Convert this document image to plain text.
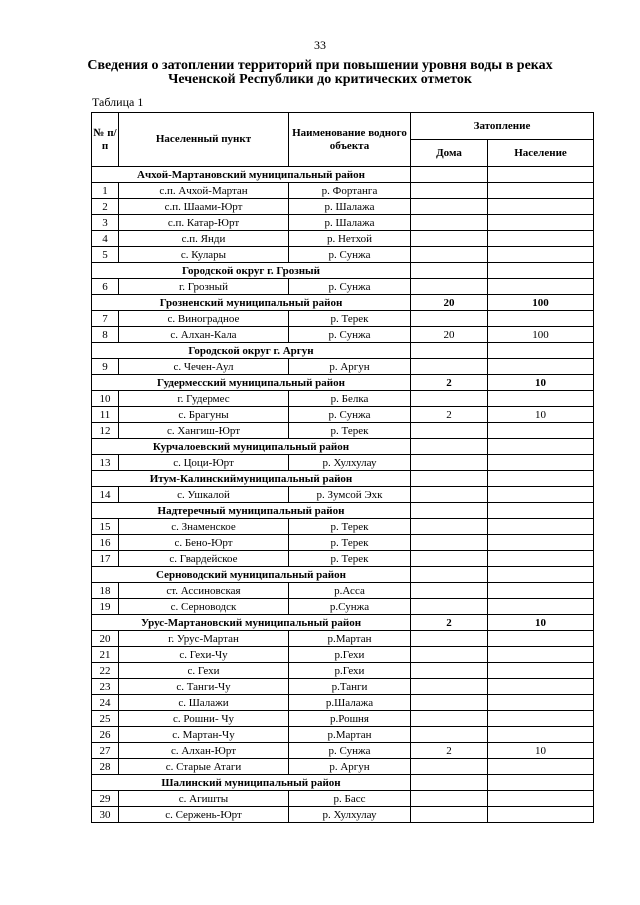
33
Сведения о затоплении территорий при повышении уровня воды в реках
Чеченской Республики до критических отметок
Таблица 1
№ п/п	Населенный пункт	Наименование водного объекта	Затопление	
			Дома	Население
Ачхой-Мартановский муниципальный район				
1	с.п. Ачхой-Мартан	р. Фортанга		
2	с.п. Шаами-Юрт	р. Шалажа		
3	с.п. Катар-Юрт	р. Шалажа		
4	с.п. Янди	р. Нетхой		
5	с. Кулары	р. Сунжа		
Городской округ г. Грозный				
6	г. Грозный	р. Сунжа		
Грозненский муниципальный район			20	100
7	с. Виноградное	р. Терек		
8	с. Алхан-Кала	р. Сунжа	20	100
Городской округ г. Аргун				
9	с. Чечен-Аул	р. Аргун		
Гудермесский муниципальный район			2	10
10	г. Гудермес	р. Белка		
11	с. Брагуны	р. Сунжа	2	10
12	с. Хангиш-Юрт	р. Терек		
Курчалоевский муниципальный район				
13	с. Цоци-Юрт	р. Хулхулау		
Итум-Калинскиймуниципальный район				
14	с. Ушкалой	р. Зумсой Эхк		
Надтеречный муниципальный район				
15	с. Знаменское	р. Терек		
16	с. Бено-Юрт	р. Терек		
17	с. Гвардейское	р. Терек		
Серноводский муниципальный район				
18	ст. Ассиновская	р.Асса		
19	с. Серноводск	р.Сунжа		
Урус-Мартановский муниципальный район			2	10
20	г. Урус-Мартан	р.Мартан		
21	с. Гехи-Чу	р.Гехи		
22	с. Гехи	р.Гехи		
23	с. Танги-Чу	р.Танги		
24	с. Шалажи	р.Шалажа		
25	с. Рошни- Чу	р.Рошня		
26	с. Мартан-Чу	р.Мартан		
27	с. Алхан-Юрт	р. Сунжа	2	10
28	с. Старые Атаги	р. Аргун		
Шалинский муниципальный район				
29	с. Агишты	р. Басс		
30	с. Сержень-Юрт	р. Хулхулау		
